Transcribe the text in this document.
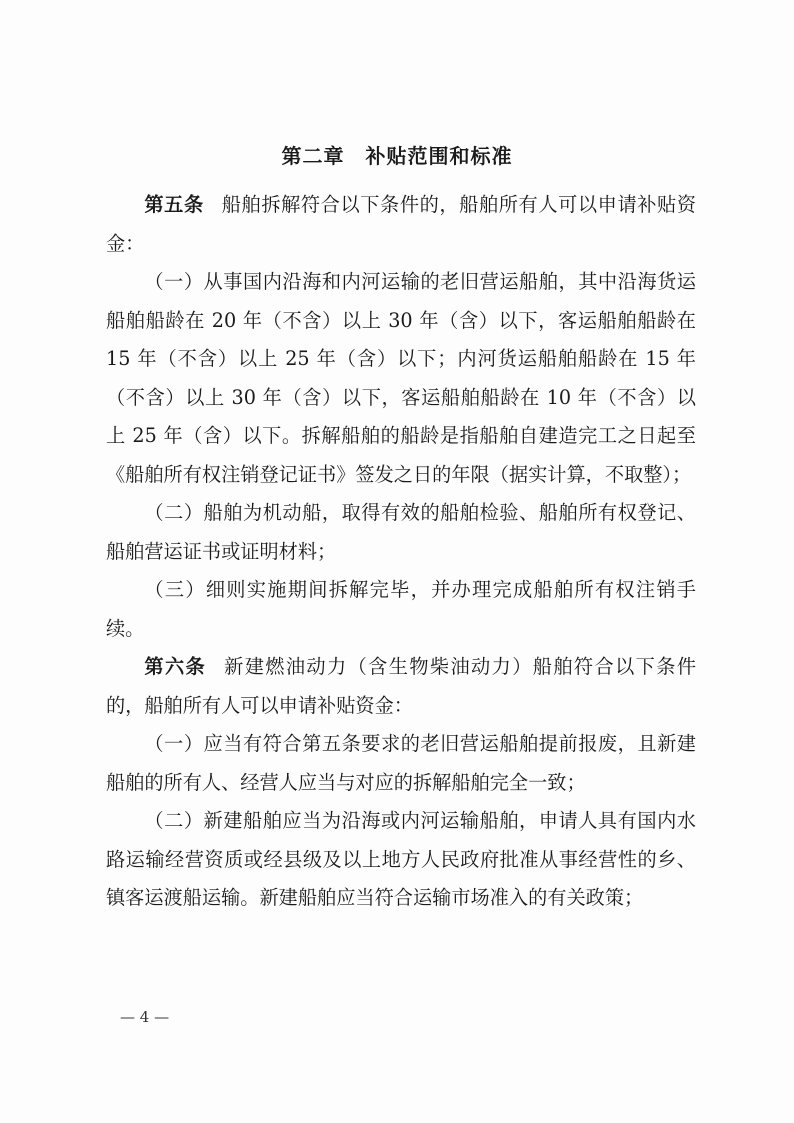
第二章　补贴范围和标准

第五条 船舶拆解符合以下条件的，船舶所有人可以申请补贴资金：

（一）从事国内沿海和内河运输的老旧营运船舶，其中沿海货运船舶船龄在 20 年（不含）以上 30 年（含）以下，客运船舶船龄在 15 年（不含）以上 25 年（含）以下；内河货运船舶船龄在 15 年（不含）以上 30 年（含）以下，客运船舶船龄在 10 年（不含）以上 25 年（含）以下。拆解船舶的船龄是指船舶自建造完工之日起至《船舶所有权注销登记证书》签发之日的年限（据实计算，不取整）；

（二）船舶为机动船，取得有效的船舶检验、船舶所有权登记、船舶营运证书或证明材料；

（三）细则实施期间拆解完毕，并办理完成船舶所有权注销手续。

第六条 新建燃油动力（含生物柴油动力）船舶符合以下条件的，船舶所有人可以申请补贴资金：

（一）应当有符合第五条要求的老旧营运船舶提前报废，且新建船舶的所有人、经营人应当与对应的拆解船舶完全一致；

（二）新建船舶应当为沿海或内河运输船舶，申请人具有国内水路运输经营资质或经县级及以上地方人民政府批准从事经营性的乡、镇客运渡船运输。新建船舶应当符合运输市场准入的有关政策；

— 4 —
